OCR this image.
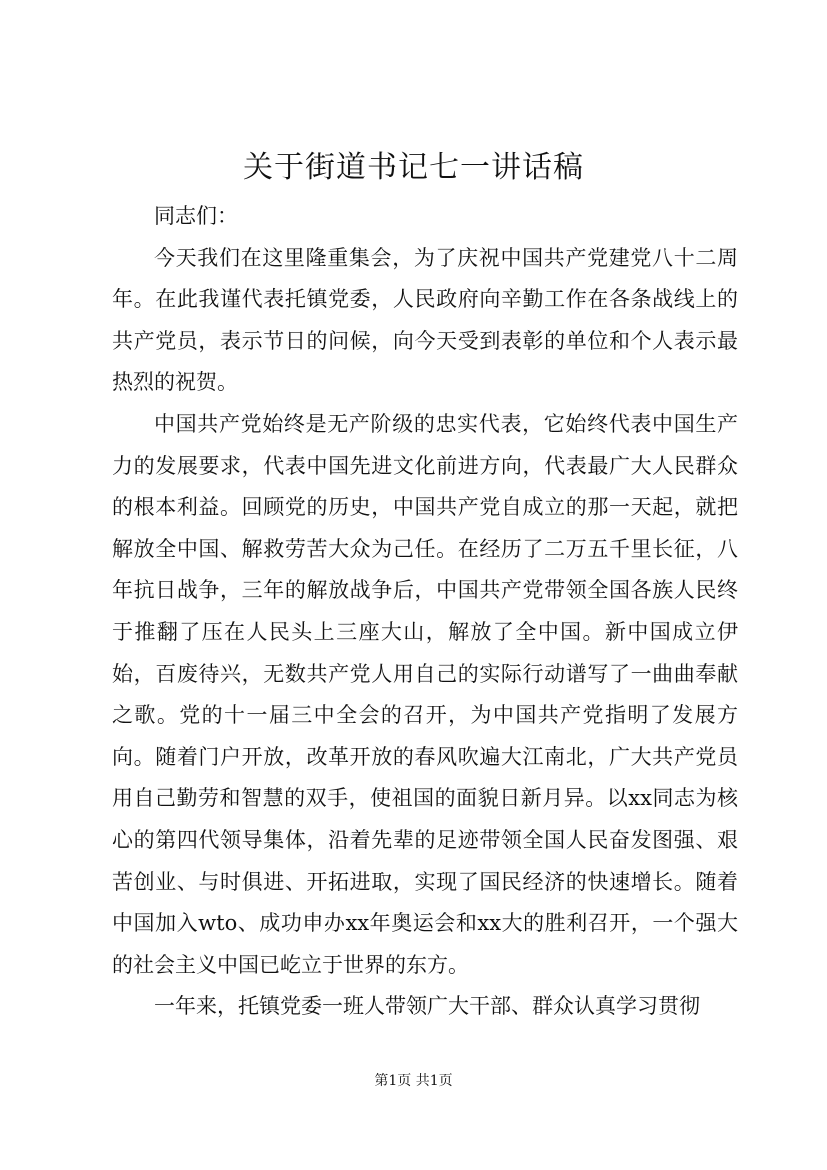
关于街道书记七一讲话稿

同志们：

今天我们在这里隆重集会，为了庆祝中国共产党建党八十二周年。在此我谨代表托镇党委，人民政府向辛勤工作在各条战线上的共产党员，表示节日的问候，向今天受到表彰的单位和个人表示最热烈的祝贺。

中国共产党始终是无产阶级的忠实代表，它始终代表中国生产力的发展要求，代表中国先进文化前进方向，代表最广大人民群众的根本利益。回顾党的历史，中国共产党自成立的那一天起，就把解放全中国、解救劳苦大众为己任。在经历了二万五千里长征，八年抗日战争，三年的解放战争后，中国共产党带领全国各族人民终于推翻了压在人民头上三座大山，解放了全中国。新中国成立伊始，百废待兴，无数共产党人用自己的实际行动谱写了一曲曲奉献之歌。党的十一届三中全会的召开，为中国共产党指明了发展方向。随着门户开放，改革开放的春风吹遍大江南北，广大共产党员用自己勤劳和智慧的双手，使祖国的面貌日新月异。以xx同志为核心的第四代领导集体，沿着先辈的足迹带领全国人民奋发图强、艰苦创业、与时俱进、开拓进取，实现了国民经济的快速增长。随着中国加入wto、成功申办xx年奥运会和xx大的胜利召开，一个强大的社会主义中国已屹立于世界的东方。

一年来，托镇党委一班人带领广大干部、群众认真学习贯彻

第1页 共1页
